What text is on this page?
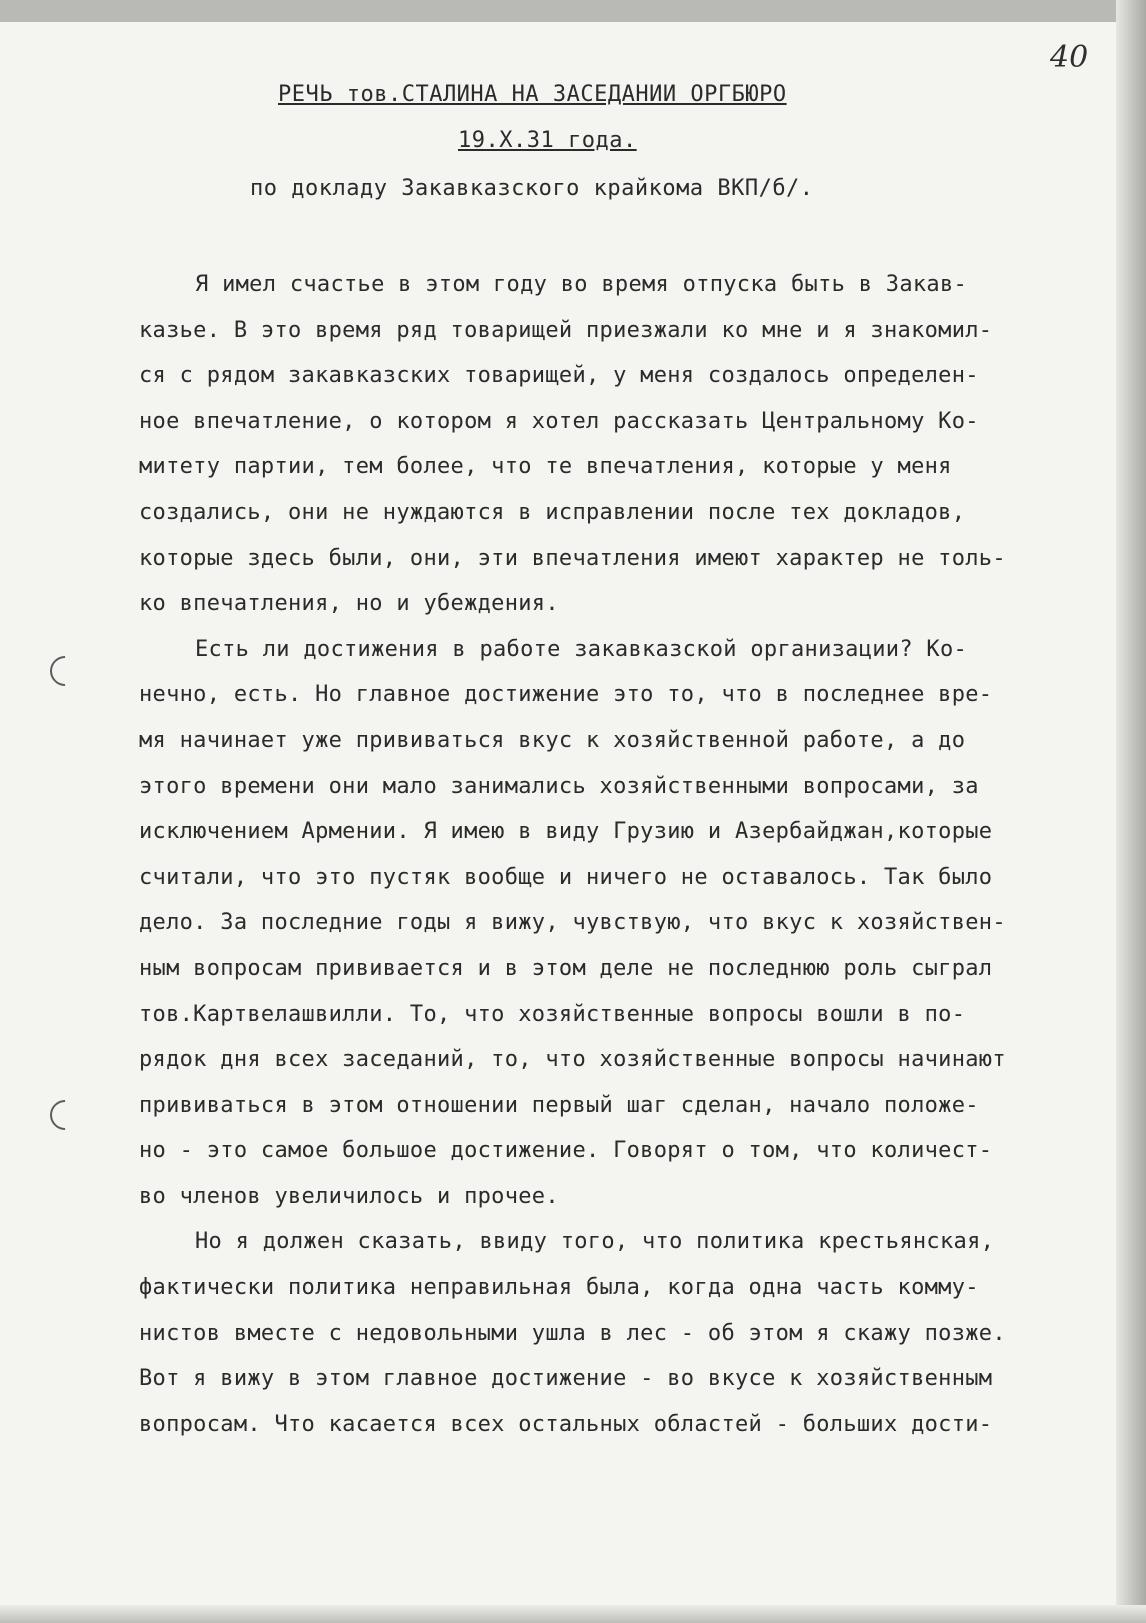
40
РЕЧЬ тов.СТАЛИНА НА ЗАСЕДАНИИ ОРГБЮРО
19.Х.31 года.
по докладу Закавказского крайкома ВКП/б/.
Я имел счастье в этом году во время отпуска быть в Закав-
казье. В это время ряд товарищей приезжали ко мне и я знакомил-
ся с рядом закавказских товарищей, у меня создалось определен-
ное впечатление, о котором я хотел рассказать Центральному Ко-
митету партии, тем более, что те впечатления, которые у меня
создались, они не нуждаются в исправлении после тех докладов,
которые здесь были, они, эти впечатления имеют характер не толь-
ко впечатления, но и убеждения.
Есть ли достижения в работе закавказской организации? Ко-
нечно, есть. Но главное достижение это то, что в последнее вре-
мя начинает уже прививаться вкус к хозяйственной работе, а до
этого времени они мало занимались хозяйственными вопросами, за
исключением Армении. Я имею в виду Грузию и Азербайджан,которые
считали, что это пустяк вообще и ничего не оставалось. Так было
дело. За последние годы я вижу, чувствую, что вкус к хозяйствен-
ным вопросам прививается и в этом деле не последнюю роль сыграл
тов.Картвелашвилли. То, что хозяйственные вопросы вошли в по-
рядок дня всех заседаний, то, что хозяйственные вопросы начинают
прививаться в этом отношении первый шаг сделан, начало положе-
но - это самое большое достижение. Говорят о том, что количест-
во членов увеличилось и прочее.
Но я должен сказать, ввиду того, что политика крестьянская,
фактически политика неправильная была, когда одна часть комму-
нистов вместе с недовольными ушла в лес - об этом я скажу позже.
Вот я вижу в этом главное достижение - во вкусе к хозяйственным
вопросам. Что касается всех остальных областей - больших дости-
